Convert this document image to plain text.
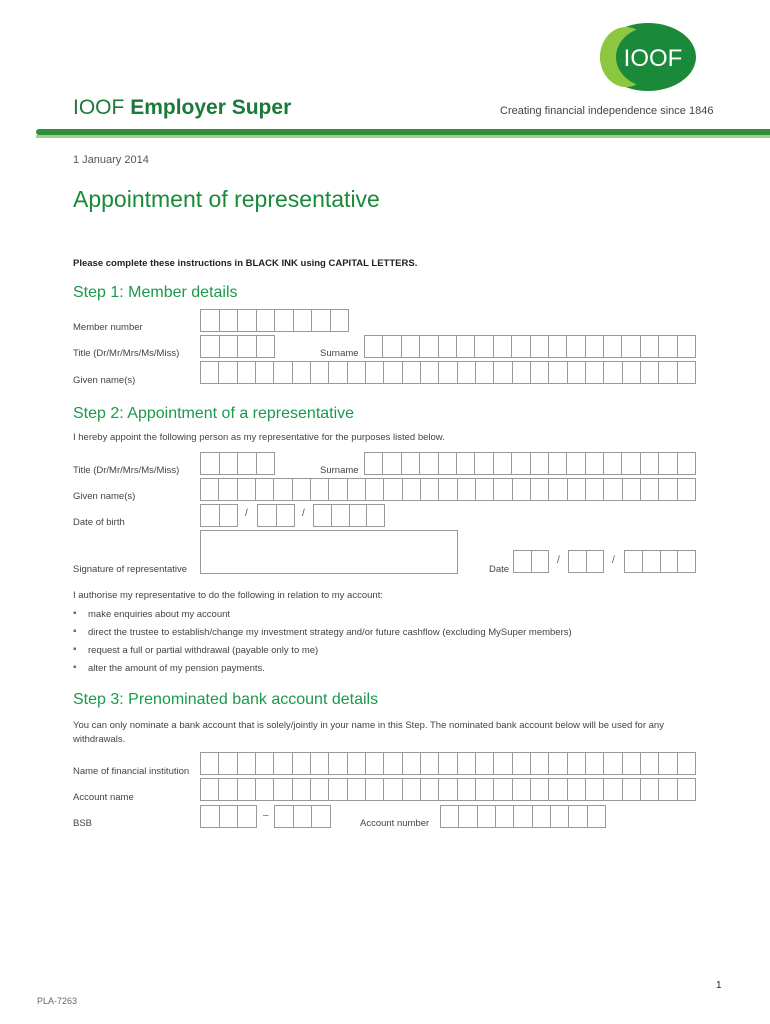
IOOF
IOOF Employer Super	Creating financial independence since 1846
1 January 2014
Appointment of representative
Please complete these instructions in BLACK INK using CAPITAL LETTERS.
Step 1: Member details
Member number
Title (Dr/Mr/Mrs/Ms/Miss)	Surname
Given name(s)
Step 2: Appointment of a representative
I hereby appoint the following person as my representative for the purposes listed below.
Title (Dr/Mr/Mrs/Ms/Miss)	Surname
Given name(s)
Date of birth
/	/
Signature of representative	Date
/	/
I authorise my representative to do the following in relation to my account:
▪ make enquiries about my account
▪ direct the trustee to establish/change my investment strategy and/or future cashflow (excluding MySuper members)
▪ request a full or partial withdrawal (payable only to me)
▪ alter the amount of my pension payments.
Step 3: Prenominated bank account details
You can only nominate a bank account that is solely/jointly in your name in this Step. The nominated bank account below will be used for any withdrawals.
Name of financial institution
Account name
BSB
–
Account number
1
PLA-7263
